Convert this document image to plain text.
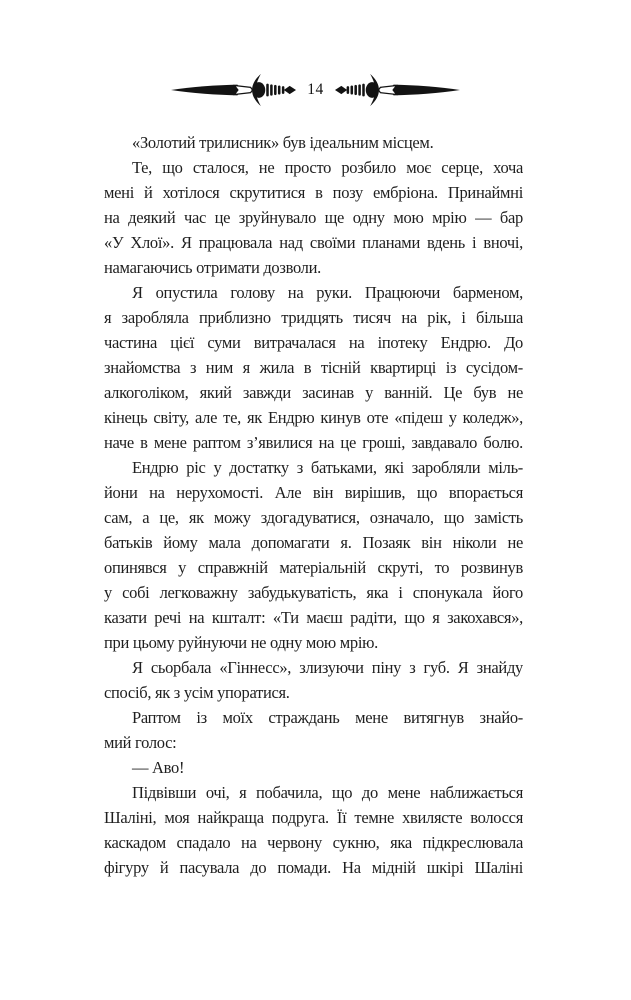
14
«Золотий трилисник» був ідеальним місцем.
Те, що сталося, не просто розбило моє серце, хоча
мені й хотілося скрутитися в позу ембріона. Принаймні
на деякий час це зруйнувало ще одну мою мрію — бар
«У Хлої». Я працювала над своїми планами вдень і вночі,
намагаючись отримати дозволи.
Я опустила голову на руки. Працюючи барменом,
я заробляла приблизно тридцять тисяч на рік, і більша
частина цієї суми витрачалася на іпотеку Ендрю. До
знайомства з ним я жила в тісній квартирці із сусідом-
алкоголіком, який завжди засинав у ванній. Це був не
кінець світу, але те, як Ендрю кинув оте «підеш у коледж»,
наче в мене раптом з’явилися на це гроші, завдавало болю.
Ендрю ріс у достатку з батьками, які заробляли міль-
йони на нерухомості. Але він вирішив, що впорається
сам, а це, як можу здогадуватися, означало, що замість
батьків йому мала допомагати я. Позаяк він ніколи не
опинявся у справжній матеріальній скруті, то розвинув
у собі легковажну забудькуватість, яка і спонукала його
казати речі на кшталт: «Ти маєш радіти, що я закохався»,
при цьому руйнуючи не одну мою мрію.
Я сьорбала «Гіннесс», злизуючи піну з губ. Я знайду
спосіб, як з усім упоратися.
Раптом із моїх страждань мене витягнув знайо-
мий голос:
— Аво!
Підвівши очі, я побачила, що до мене наближається
Шаліні, моя найкраща подруга. Її темне хвилясте волосся
каскадом спадало на червону сукню, яка підкреслювала
фігуру й пасувала до помади. На мідній шкірі Шаліні
